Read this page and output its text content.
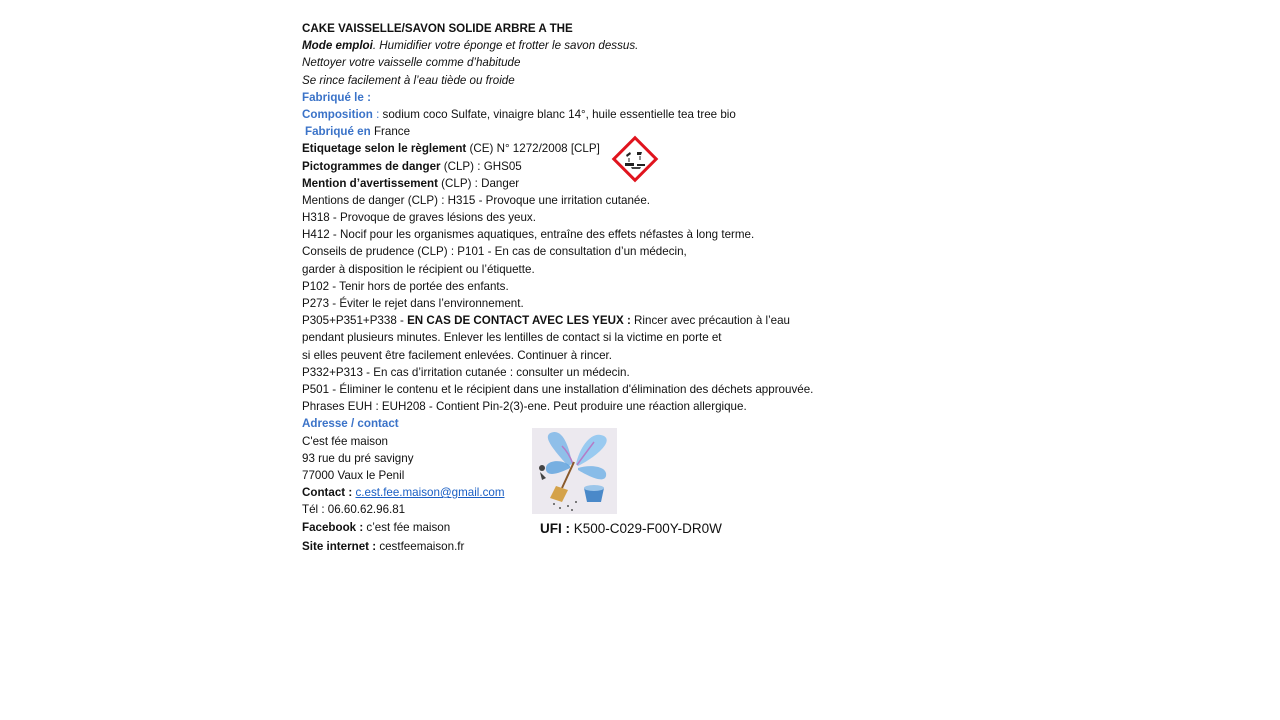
CAKE VAISSELLE/SAVON SOLIDE ARBRE A THE
Mode emploi. Humidifier votre éponge et frotter le savon dessus.
Nettoyer votre vaisselle comme d’habitude
Se rince facilement à l’eau tiède ou froide
Fabriqué le :
Composition : sodium coco Sulfate, vinaigre blanc 14°, huile essentielle tea tree bio
Fabriqué en France
Etiquetage selon le règlement (CE) N° 1272/2008 [CLP]
Pictogrammes de danger (CLP) : GHS05
Mention d’avertissement (CLP) : Danger
Mentions de danger (CLP) : H315 - Provoque une irritation cutanée.
H318 - Provoque de graves lésions des yeux.
H412 - Nocif pour les organismes aquatiques, entraîne des effets néfastes à long terme.
Conseils de prudence (CLP) : P101 - En cas de consultation d’un médecin,
garder à disposition le récipient ou l’étiquette.
P102 - Tenir hors de portée des enfants.
P273 - Éviter le rejet dans l’environnement.
P305+P351+P338 - EN CAS DE CONTACT AVEC LES YEUX : Rincer avec précaution à l’eau
pendant plusieurs minutes. Enlever les lentilles de contact si la victime en porte et
si elles peuvent être facilement enlevées. Continuer à rincer.
P332+P313 - En cas d’irritation cutanée : consulter un médecin.
P501 - Éliminer le contenu et le récipient dans une installation d'élimination des déchets approuvée.
Phrases EUH : EUH208 - Contient Pin-2(3)-ene. Peut produire une réaction allergique.
Adresse / contact
C'est fée maison
93 rue du pré savigny
77000 Vaux le Penil
Contact : c.est.fee.maison@gmail.com
Tél : 06.60.62.96.81
Facebook : c’est fée maison
Site internet : cestfeemaison.fr
UFI : K500-C029-F00Y-DR0W
